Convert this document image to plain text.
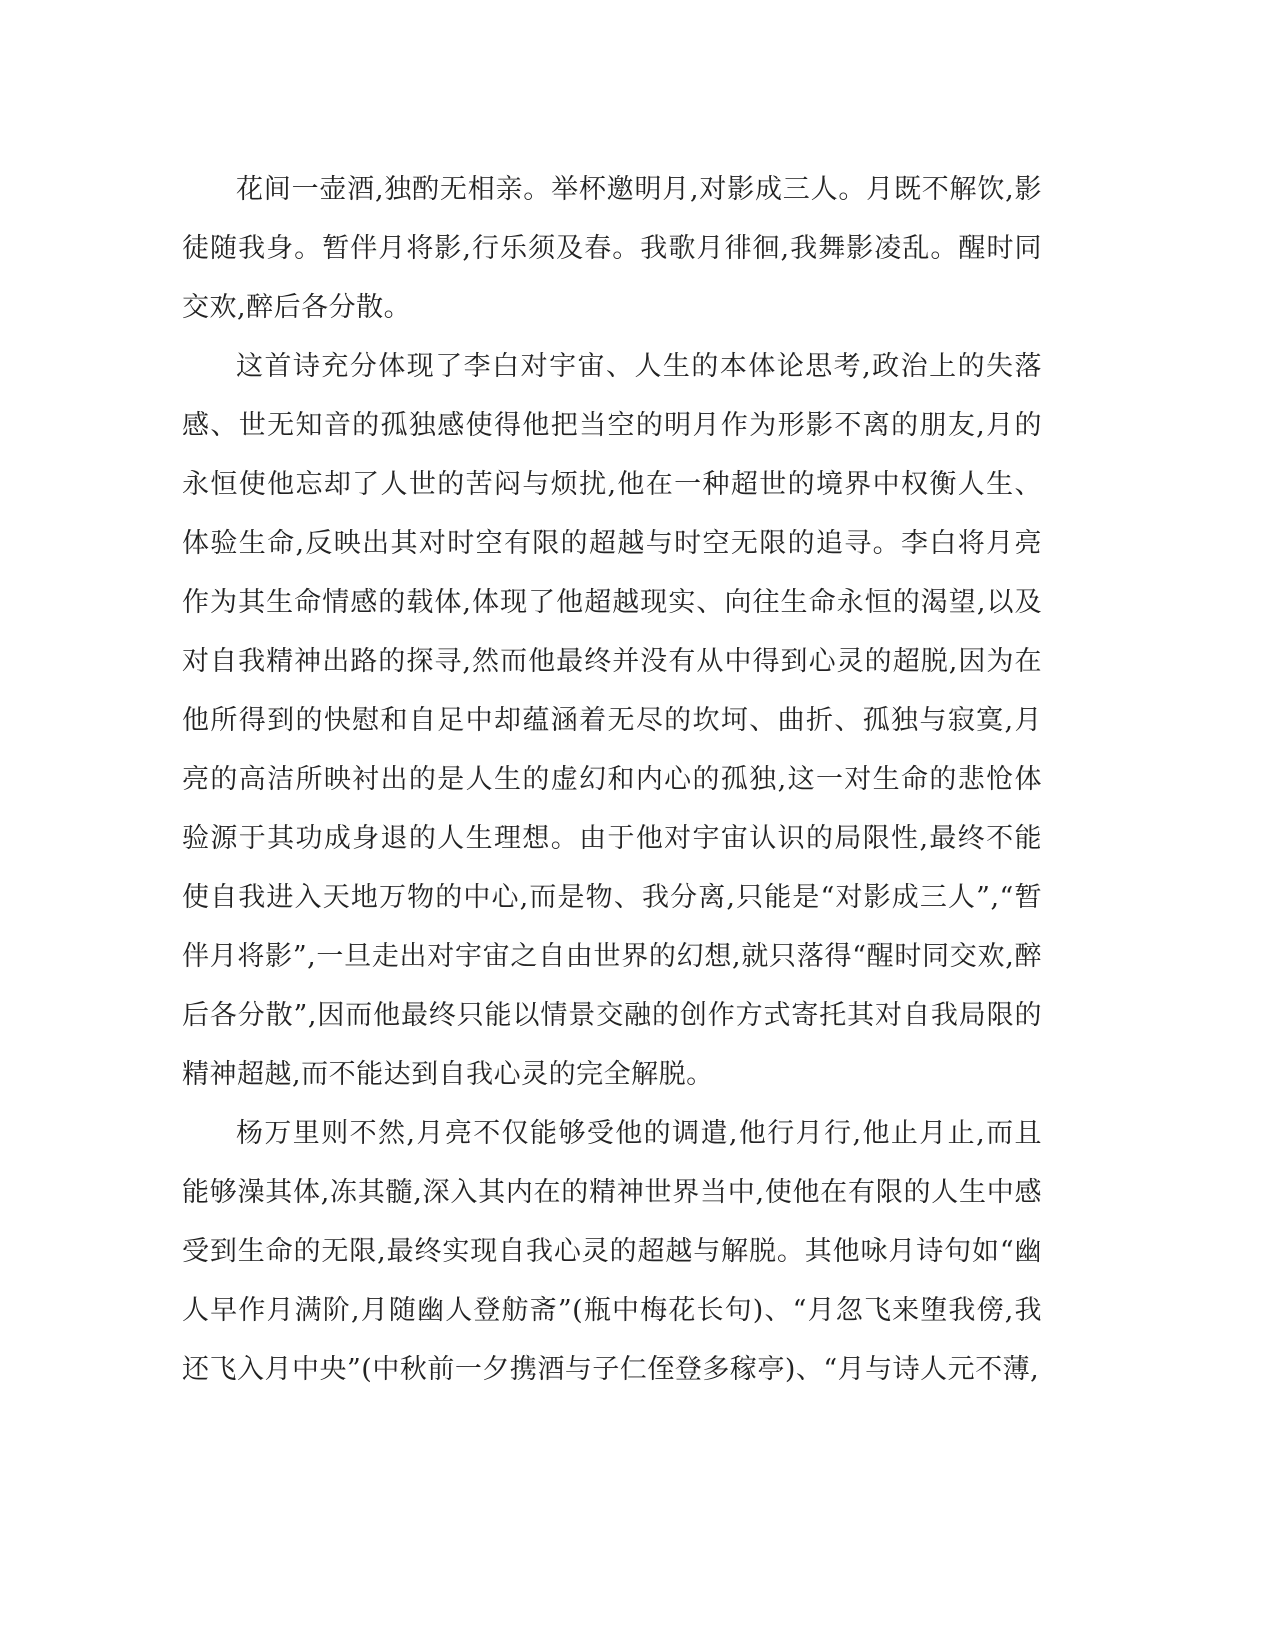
花间一壶酒,独酌无相亲。举杯邀明月,对影成三人。月既不解饮,影徒随我身。暂伴月将影,行乐须及春。我歌月徘徊,我舞影凌乱。醒时同交欢,醉后各分散。

这首诗充分体现了李白对宇宙、人生的本体论思考,政治上的失落感、世无知音的孤独感使得他把当空的明月作为形影不离的朋友,月的永恒使他忘却了人世的苦闷与烦扰,他在一种超世的境界中权衡人生、体验生命,反映出其对时空有限的超越与时空无限的追寻。李白将月亮作为其生命情感的载体,体现了他超越现实、向往生命永恒的渴望,以及对自我精神出路的探寻,然而他最终并没有从中得到心灵的超脱,因为在他所得到的快慰和自足中却蕴涵着无尽的坎坷、曲折、孤独与寂寞,月亮的高洁所映衬出的是人生的虚幻和内心的孤独,这一对生命的悲怆体验源于其功成身退的人生理想。由于他对宇宙认识的局限性,最终不能使自我进入天地万物的中心,而是物、我分离,只能是“对影成三人”,“暂伴月将影”,一旦走出对宇宙之自由世界的幻想,就只落得“醒时同交欢,醉后各分散”,因而他最终只能以情景交融的创作方式寄托其对自我局限的精神超越,而不能达到自我心灵的完全解脱。

杨万里则不然,月亮不仅能够受他的调遣,他行月行,他止月止,而且能够澡其体,冻其髓,深入其内在的精神世界当中,使他在有限的人生中感受到生命的无限,最终实现自我心灵的超越与解脱。其他咏月诗句如“幽人早作月满阶,月随幽人登舫斋”(瓶中梅花长句)、“月忽飞来堕我傍,我还飞入月中央”(中秋前一夕携酒与子仁侄登多稼亭)、“月与诗人元不薄,
